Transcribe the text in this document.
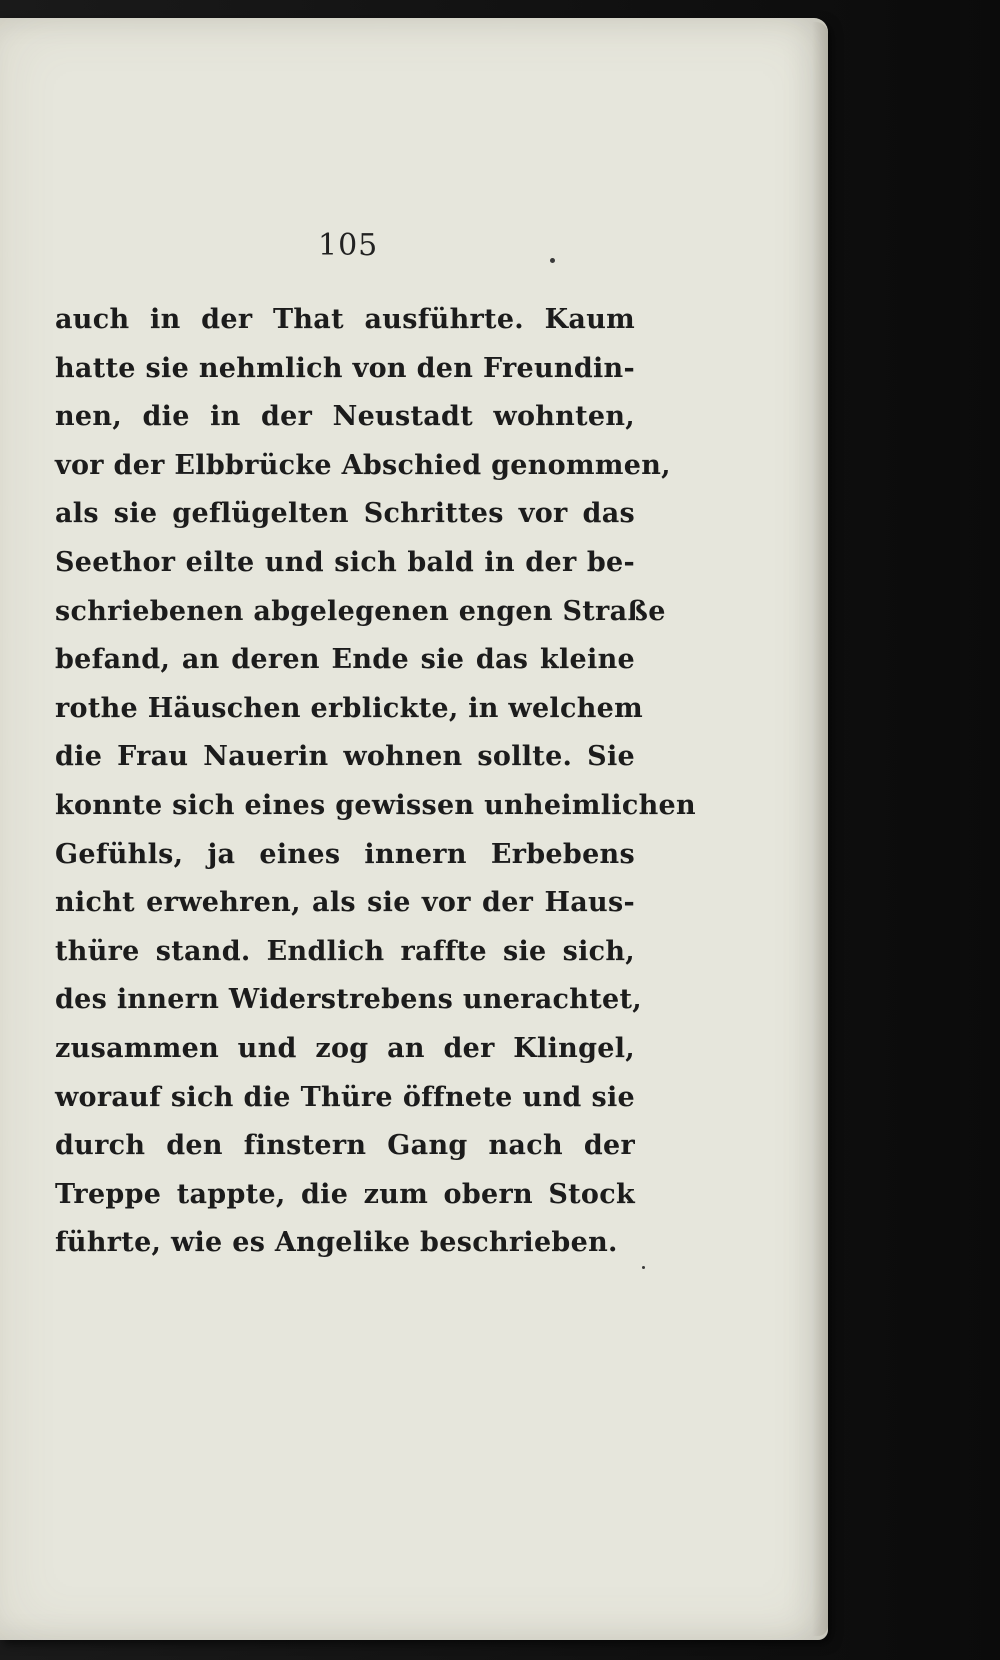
105
auch in der That ausführte. Kaum
hatte sie nehmlich von den Freundin-
nen, die in der Neustadt wohnten,
vor der Elbbrücke Abschied genommen,
als sie geflügelten Schrittes vor das
Seethor eilte und sich bald in der be-
schriebenen abgelegenen engen Straße
befand, an deren Ende sie das kleine
rothe Häuschen erblickte, in welchem
die Frau Nauerin wohnen sollte. Sie
konnte sich eines gewissen unheimlichen
Gefühls, ja eines innern Erbebens
nicht erwehren, als sie vor der Haus-
thüre stand. Endlich raffte sie sich,
des innern Widerstrebens unerachtet,
zusammen und zog an der Klingel,
worauf sich die Thüre öffnete und sie
durch den finstern Gang nach der
Treppe tappte, die zum obern Stock
führte, wie es Angelike beschrieben.
